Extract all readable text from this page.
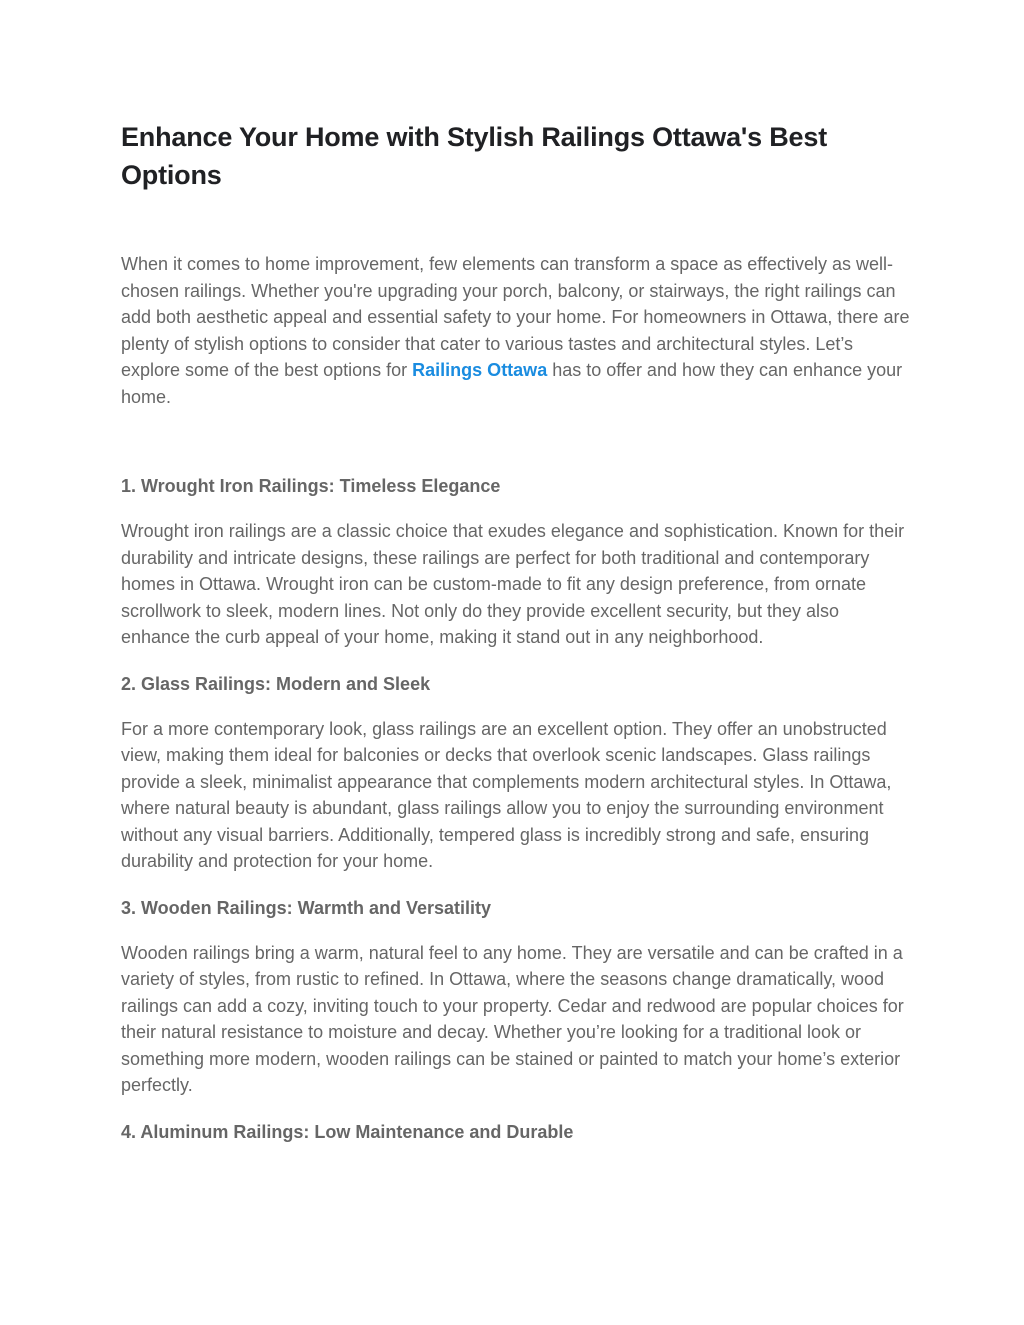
Enhance Your Home with Stylish Railings Ottawa's Best Options

When it comes to home improvement, few elements can transform a space as effectively as well-chosen railings. Whether you're upgrading your porch, balcony, or stairways, the right railings can add both aesthetic appeal and essential safety to your home. For homeowners in Ottawa, there are plenty of stylish options to consider that cater to various tastes and architectural styles. Let’s explore some of the best options for Railings Ottawa has to offer and how they can enhance your home.

1. Wrought Iron Railings: Timeless Elegance

Wrought iron railings are a classic choice that exudes elegance and sophistication. Known for their durability and intricate designs, these railings are perfect for both traditional and contemporary homes in Ottawa. Wrought iron can be custom-made to fit any design preference, from ornate scrollwork to sleek, modern lines. Not only do they provide excellent security, but they also enhance the curb appeal of your home, making it stand out in any neighborhood.

2. Glass Railings: Modern and Sleek

For a more contemporary look, glass railings are an excellent option. They offer an unobstructed view, making them ideal for balconies or decks that overlook scenic landscapes. Glass railings provide a sleek, minimalist appearance that complements modern architectural styles. In Ottawa, where natural beauty is abundant, glass railings allow you to enjoy the surrounding environment without any visual barriers. Additionally, tempered glass is incredibly strong and safe, ensuring durability and protection for your home.

3. Wooden Railings: Warmth and Versatility

Wooden railings bring a warm, natural feel to any home. They are versatile and can be crafted in a variety of styles, from rustic to refined. In Ottawa, where the seasons change dramatically, wood railings can add a cozy, inviting touch to your property. Cedar and redwood are popular choices for their natural resistance to moisture and decay. Whether you’re looking for a traditional look or something more modern, wooden railings can be stained or painted to match your home’s exterior perfectly.

4. Aluminum Railings: Low Maintenance and Durable
